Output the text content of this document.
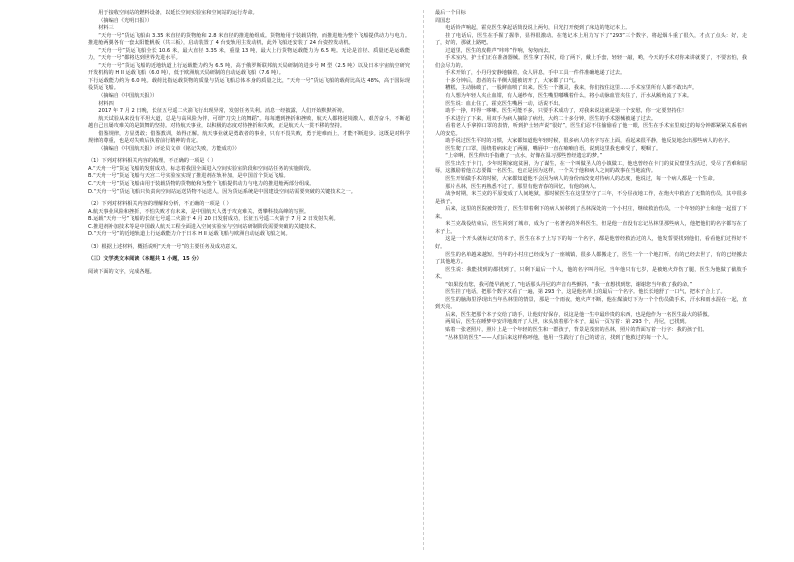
用于接收空间站的燃料设备，以延长空间实验室和空间站的运行寿命。

（摘编自《光明日报》）

材料三

“天舟一号”货运飞船由 3.35 米直径的货物舱和 2.8 米直径的推进舱组成。货物舱用于装载货物，而推进舱为整个飞船提供动力与电力。推进舱两翼各有一套太阳能帆板（共三板），启动装置了 4 台变轨用主发动机，此外飞船还安装了 24 台姿控发动机。

“天舟一号”货运飞船全长 10.6 米，最大直径 3.35 米，重量 13 吨，最大上行货物运载能力为 6.5 吨。无论是首径、质量还是运载能力，“天舟一号”都将达到世界先进水平。

“天舟一号”货运飞船的近地轨道上行运载能力约为 6.5 吨，高于俄罗斯联邦航天局研制的进步号 M 型（2.5 吨）以及日本宇宙航空研究开发机构的 H II 运载飞船（6.0 吨），低于欧洲航天局研制的自动运载飞船（7.6 吨）。

下行运载能力约为 6.0 吨。载荷比指运载货物的质量与货运飞船总体本身的质量之比，“天舟一号”货运飞船的载荷比高达 48%，高于国际现役货运飞船。

（摘编自《中国航天报》）

材料四

2017 年 7 月 2 日晚，长征五号遥二火箭飞行出现异常，发射任务失利。消息一经披露，人们开始默默祈祷。

航天试验从来没有平坦大道，总是与高风险为伴，可谓“刀尖上的舞蹈”。每每遭到挫折和挫败，航天人都将逆境激人，艰苦奋斗，不断超越自己且屡攻难关的是鼓舞的坚持。对待航天事业，以积极的态度对待挫折和失败，正是航天人一贯不移的坚持。

借鉴规律，方显勇敢；借鉴教训，始得正解。航天事业就是勇敢者的事业，只有不畏失败，勇于迎难而上，才能不断进步。这既是对科学规律的尊重，也是对失败后执着前行精神的肯定。

（摘编自《中国航天报》评论员文章《铭记失败，方能成功》）

（1）下列对材料相关内容的梳理，不正确的一项是（ ）

A.“天舟一号”货运飞船的发射成功，标志着我国全面进入空间实验室阶段和空间站任务的实施阶段。

B.“天舟一号”货运飞船与天宫二号实验室实现了推进剂在轨补加，是中国首个货运飞船。

C.“天舟一号”货运飞船由用于装载货物的货物舱和为整个飞船提供动力与电力的推进舱两部分组成。

D.“天舟一号”货运飞船只负责向空间站运送货物不运送人，因为货运系统是中国建设空间站需要突破的关键技术之一。

（2）下列对材料相关内容的理解和分析，不正确的一项是（ ）

A.航天事业风险和挫折，不怕失败才有未来，是中国航天人勇于攻克难关、勇攀科技高峰的写照。

B.运载“天舟一号”飞船的长征七号遥二火箭于 4 月 20 日发射成功，长征五号遥二火箭于 7 月 2 日发射失利。

C.推进剂补加技术等是中国载人航天工程全面进入空间实验室与空间站研制阶段需要突破的关键技术。

D.“天舟一号”的近地轨道上行运载能力介于日本 H II 运载飞船与欧洲自动运载飞船之间。

（3）根据上述材料，概括说明“天舟一号”的主要任务及成功意义。

（三）文学类文本阅读（本题共 1 小题，15 分）

阅读下面的文字，完成各题。

最后一个目标

周国忠

电话铃声响起，霍克医生拿起话筒没说上两句，目光打开便到了床边的笔记本上。

挂了电话后，医生在手握了握拳，显得很激动。在笔记本上用力写下了“293”三个数字，将起烟斗重了很久，才点了点头：好，走了，好的，那就上路吧。

过道里，医生的皮鞋声“咔咔”作响，匆匆而去。

手术室内，护士们正在准备器械。医生拿了拐杖，给了两下，戴上手套，轻轻一敲，哟，今天的手术对你来讲就要了，不要害怕，我们会尽力的。

手术开始了，小丹丹安静地躺着，众人屏息，手中工具一件件准确地递了过去。

十多分钟后，患者的右半侧大腿被切开了，大家都了口气。

糟糕，主动脉破了，一股鲜血喷了出来。医生一个激灵，我来，你们按住这里……手术室里所有人都不敢出声。

有人想为年轻人夹止血钳，有人递纱布，医生嘴里嘟囔着什么，将小动脉血管夹住了，汗水从额角流了下来。

医生说：血止住了。霍克医生嘴唇一动，话说不出。

助手一挣，吓得一哆嗦。医生可能不多，只要手术成功了，对我来说这就是第一个安慰，你一定要坚持住！

手术进行了下来，用双手为病人摘除了病灶，大约二十多分钟，医生的手术器械被递了过去。

看着老人手拿掉口罩的表情，听到护士轻声说“很好”，医生们忍不住偷偷看了他一眼，医生在手术室里度过的每分钟都紧紧关系着病人的安危。

助手说过医生平时的习惯，大家都知道他年轻时候，很多病人的名字写在上面，看起来很平静，他反复地念出那些病人的名字。

医生爬了口罩，围绕着病床走了两圈，嘴唇中一直在喃喃自语，说到这里我也难受了，哽咽了。

“上帝啊，医生伸出手指蘸了一点水，好像在温习那些曾经遗忘的梦。”

医生出生于卡门，少年时期家庭贫困，为了谋生，在一个叫做圣人的小镇做工，他也曾经在卡门的贫民窟里生活过，受尽了苦难和屈辱，这激励着他立志要做一名医生，也正是因为这样，一个关于他和病人之间的故事在当地流传。

医生开始做手术的时候，大家都知道他不会因为病人的身份而改变对待病人的态度，他说过，每一个病人都是一个生命。

那片丛林，医生再熟悉不过了，那里有他青春的回忆，有他的病人。

战争时期，米兰克的平原变成了人间地狱，那时候医生在这里坚守了三年，不分昼夜地工作，在炮火中救治了无数的伤员，其中很多是孩子。

后来，这里的医院被炸毁了，医生带着剩下的病人转移到了丛林深处的一个小村庄，继续救治伤员，一个年轻的护士和他一起留了下来。

米兰克战役结束后，医生回到了城市，成为了一名著名的外科医生，但是他一直没有忘记丛林里那些病人，他把他们的名字都写在了本子上。

这是一个开头就标记好的本子，医生在本子上写下的每一个名字，都是他曾经救治过的人，他发誓要找到他们，看看他们过得好不好。

医生的名单越来越短，当年的小村庄已经成为了一座城镇，很多人都搬走了，医生一个一个地打听，有的已经去世了，有的已经搬去了其他地方。

医生说：我能找到的都找到了，只剩下最后一个人，他的名字叫丹尼，当年他只有七岁，是被炮火炸伤了腿，医生为他做了截肢手术。

“如果没有您，我可能早就死了，”电话那头丹尼的声音有些颤抖，“我一直想找到您，谢谢您当年救了我的命。”

医生挂了电话，把那个数字又看了一遍，第 293 个，这是他名单上的最后一个名字。他长长地舒了一口气，把本子合上了。

医生的脑海里浮现出当年丛林里的情景，那是一个雨夜，炮火声不断，他在煤油灯下为一个个伤员做手术，汗水和雨水混在一起，直到天亮。

后来，医生把那个本子交给了助手，让他好好保存，说这是他一生中最珍贵的东西，也是他作为一名医生最大的骄傲。

两周后，医生在睡梦中安详地离开了人世，床头放着那个本子，最后一页写着：第 293 个，丹尼，已找到。

贴着一张老照片，照片上是一个年轻的医生和一群孩子，背景是茂密的丛林，照片的背面写着一行字：我的孩子们。

“丛林里的医生”——人们后来这样称呼他，他用一生践行了自己的诺言，找到了他救过的每一个人。
